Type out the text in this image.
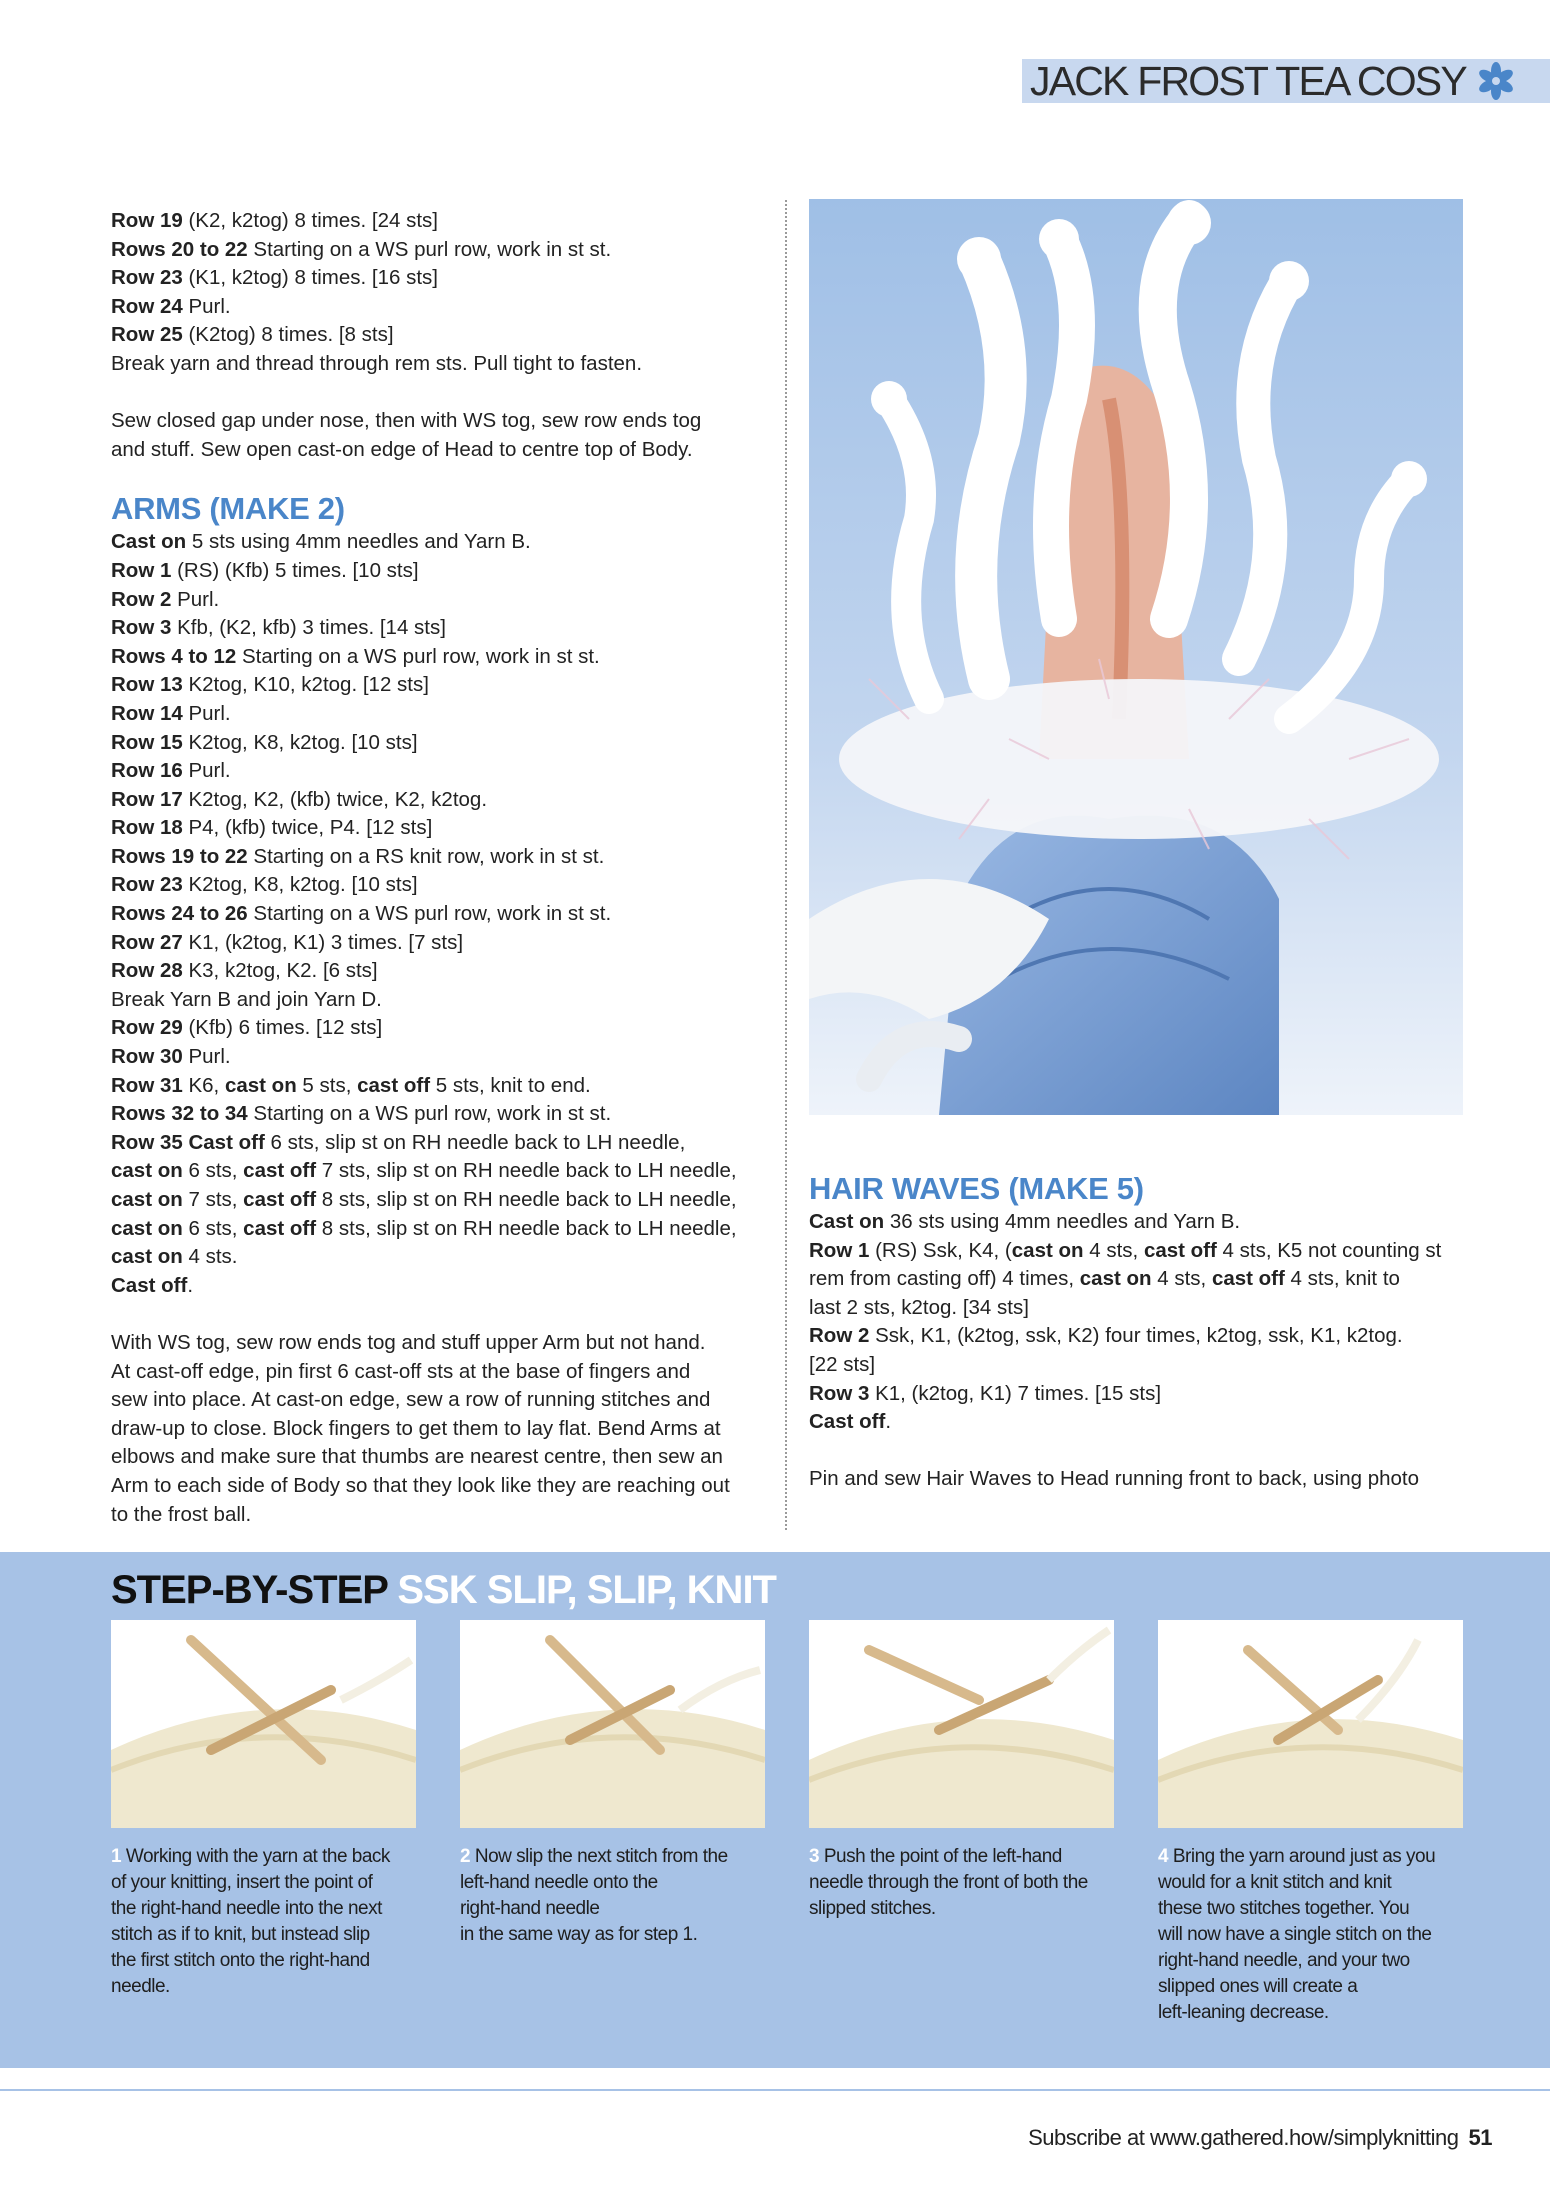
JACK FROST TEA COSY
Row 19 (K2, k2tog) 8 times. [24 sts]
Rows 20 to 22 Starting on a WS purl row, work in st st.
Row 23 (K1, k2tog) 8 times. [16 sts]
Row 24 Purl.
Row 25 (K2tog) 8 times. [8 sts]
Break yarn and thread through rem sts. Pull tight to fasten.
Sew closed gap under nose, then with WS tog, sew row ends tog
and stuff. Sew open cast-on edge of Head to centre top of Body.
ARMS (MAKE 2)
Cast on 5 sts using 4mm needles and Yarn B.
Row 1 (RS) (Kfb) 5 times. [10 sts]
Row 2 Purl.
Row 3 Kfb, (K2, kfb) 3 times. [14 sts]
Rows 4 to 12 Starting on a WS purl row, work in st st.
Row 13 K2tog, K10, k2tog. [12 sts]
Row 14 Purl.
Row 15 K2tog, K8, k2tog. [10 sts]
Row 16 Purl.
Row 17 K2tog, K2, (kfb) twice, K2, k2tog.
Row 18 P4, (kfb) twice, P4. [12 sts]
Rows 19 to 22 Starting on a RS knit row, work in st st.
Row 23 K2tog, K8, k2tog. [10 sts]
Rows 24 to 26 Starting on a WS purl row, work in st st.
Row 27 K1, (k2tog, K1) 3 times. [7 sts]
Row 28 K3, k2tog, K2. [6 sts]
Break Yarn B and join Yarn D.
Row 29 (Kfb) 6 times. [12 sts]
Row 30 Purl.
Row 31 K6, cast on 5 sts, cast off 5 sts, knit to end.
Rows 32 to 34 Starting on a WS purl row, work in st st.
Row 35 Cast off 6 sts, slip st on RH needle back to LH needle,
cast on 6 sts, cast off 7 sts, slip st on RH needle back to LH needle,
cast on 7 sts, cast off 8 sts, slip st on RH needle back to LH needle,
cast on 6 sts, cast off 8 sts, slip st on RH needle back to LH needle,
cast on 4 sts.
Cast off.
With WS tog, sew row ends tog and stuff upper Arm but not hand.
At cast-off edge, pin first 6 cast-off sts at the base of fingers and
sew into place. At cast-on edge, sew a row of running stitches and
draw-up to close. Block fingers to get them to lay flat. Bend Arms at
elbows and make sure that thumbs are nearest centre, then sew an
Arm to each side of Body so that they look like they are reaching out
to the frost ball.
HAIR WAVES (MAKE 5)
Cast on 36 sts using 4mm needles and Yarn B.
Row 1 (RS) Ssk, K4, (cast on 4 sts, cast off 4 sts, K5 not counting st
rem from casting off) 4 times, cast on 4 sts, cast off 4 sts, knit to
last 2 sts, k2tog. [34 sts]
Row 2 Ssk, K1, (k2tog, ssk, K2) four times, k2tog, ssk, K1, k2tog.
[22 sts]
Row 3 K1, (k2tog, K1) 7 times. [15 sts]
Cast off.
Pin and sew Hair Waves to Head running front to back, using photo
STEP-BY-STEP SSK SLIP, SLIP, KNIT
1 Working with the yarn at the back
of your knitting, insert the point of
the right-hand needle into the next
stitch as if to knit, but instead slip
the first stitch onto the right-hand
needle.
2 Now slip the next stitch from the
left-hand needle onto the
right-hand needle
in the same way as for step 1.
3 Push the point of the left-hand
needle through the front of both the
slipped stitches.
4 Bring the yarn around just as you
would for a knit stitch and knit
these two stitches together. You
will now have a single stitch on the
right-hand needle, and your two
slipped ones will create a
left-leaning decrease.
Subscribe at www.gathered.how/simplyknitting 51
